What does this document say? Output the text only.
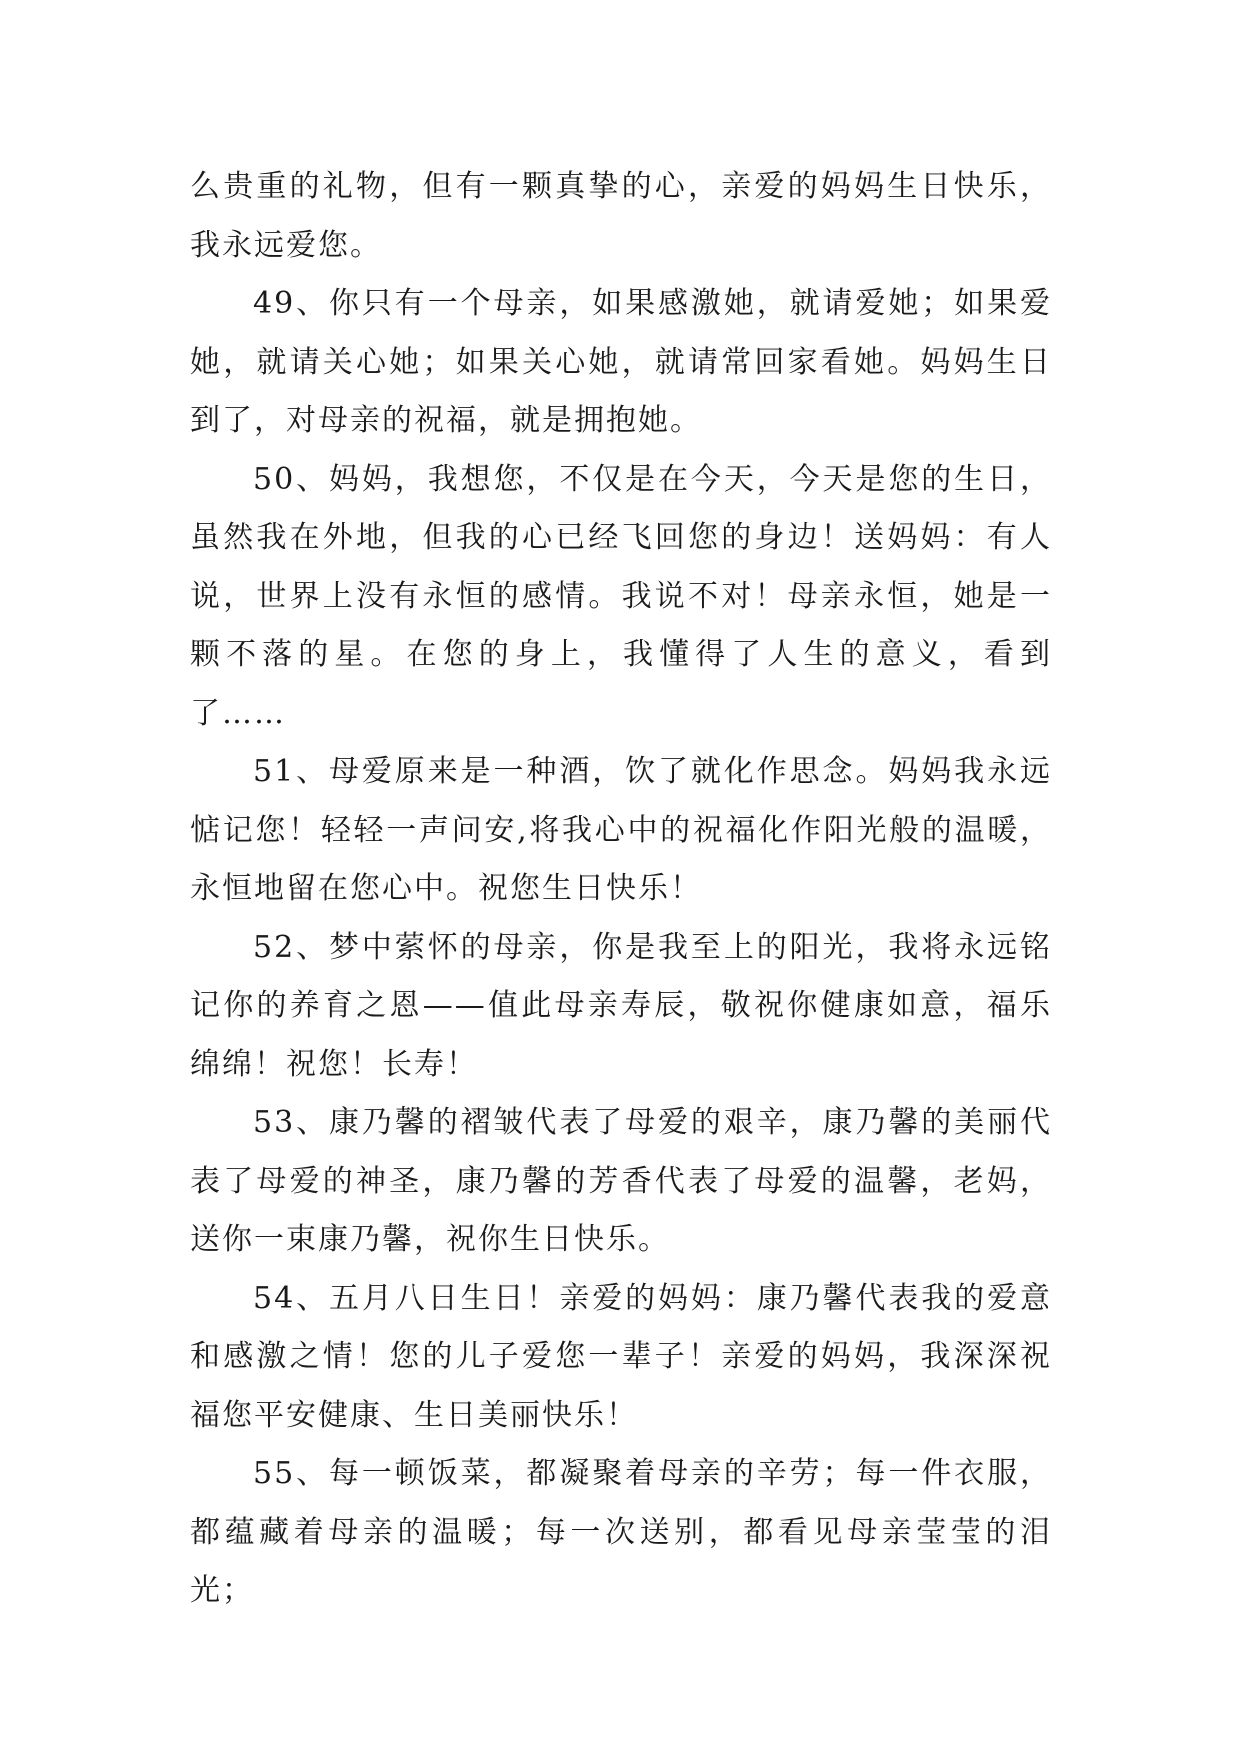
么贵重的礼物，但有一颗真挚的心，亲爱的妈妈生日快乐，我永远爱您。

49、你只有一个母亲，如果感激她，就请爱她；如果爱她，就请关心她；如果关心她，就请常回家看她。妈妈生日到了，对母亲的祝福，就是拥抱她。

50、妈妈，我想您，不仅是在今天，今天是您的生日，虽然我在外地，但我的心已经飞回您的身边！送妈妈：有人说，世界上没有永恒的感情。我说不对！母亲永恒，她是一颗不落的星。在您的身上，我懂得了人生的意义，看到了……

51、母爱原来是一种酒，饮了就化作思念。妈妈我永远惦记您！轻轻一声问安,将我心中的祝福化作阳光般的温暖，永恒地留在您心中。祝您生日快乐！

52、梦中萦怀的母亲，你是我至上的阳光，我将永远铭记你的养育之恩——值此母亲寿辰，敬祝你健康如意，福乐绵绵！祝您！长寿！

53、康乃馨的褶皱代表了母爱的艰辛，康乃馨的美丽代表了母爱的神圣，康乃馨的芳香代表了母爱的温馨，老妈，送你一束康乃馨，祝你生日快乐。

54、五月八日生日！亲爱的妈妈：康乃馨代表我的爱意和感激之情！您的儿子爱您一辈子！亲爱的妈妈，我深深祝福您平安健康、生日美丽快乐！

55、每一顿饭菜，都凝聚着母亲的辛劳；每一件衣服，都蕴藏着母亲的温暖；每一次送别，都看见母亲莹莹的泪光；
